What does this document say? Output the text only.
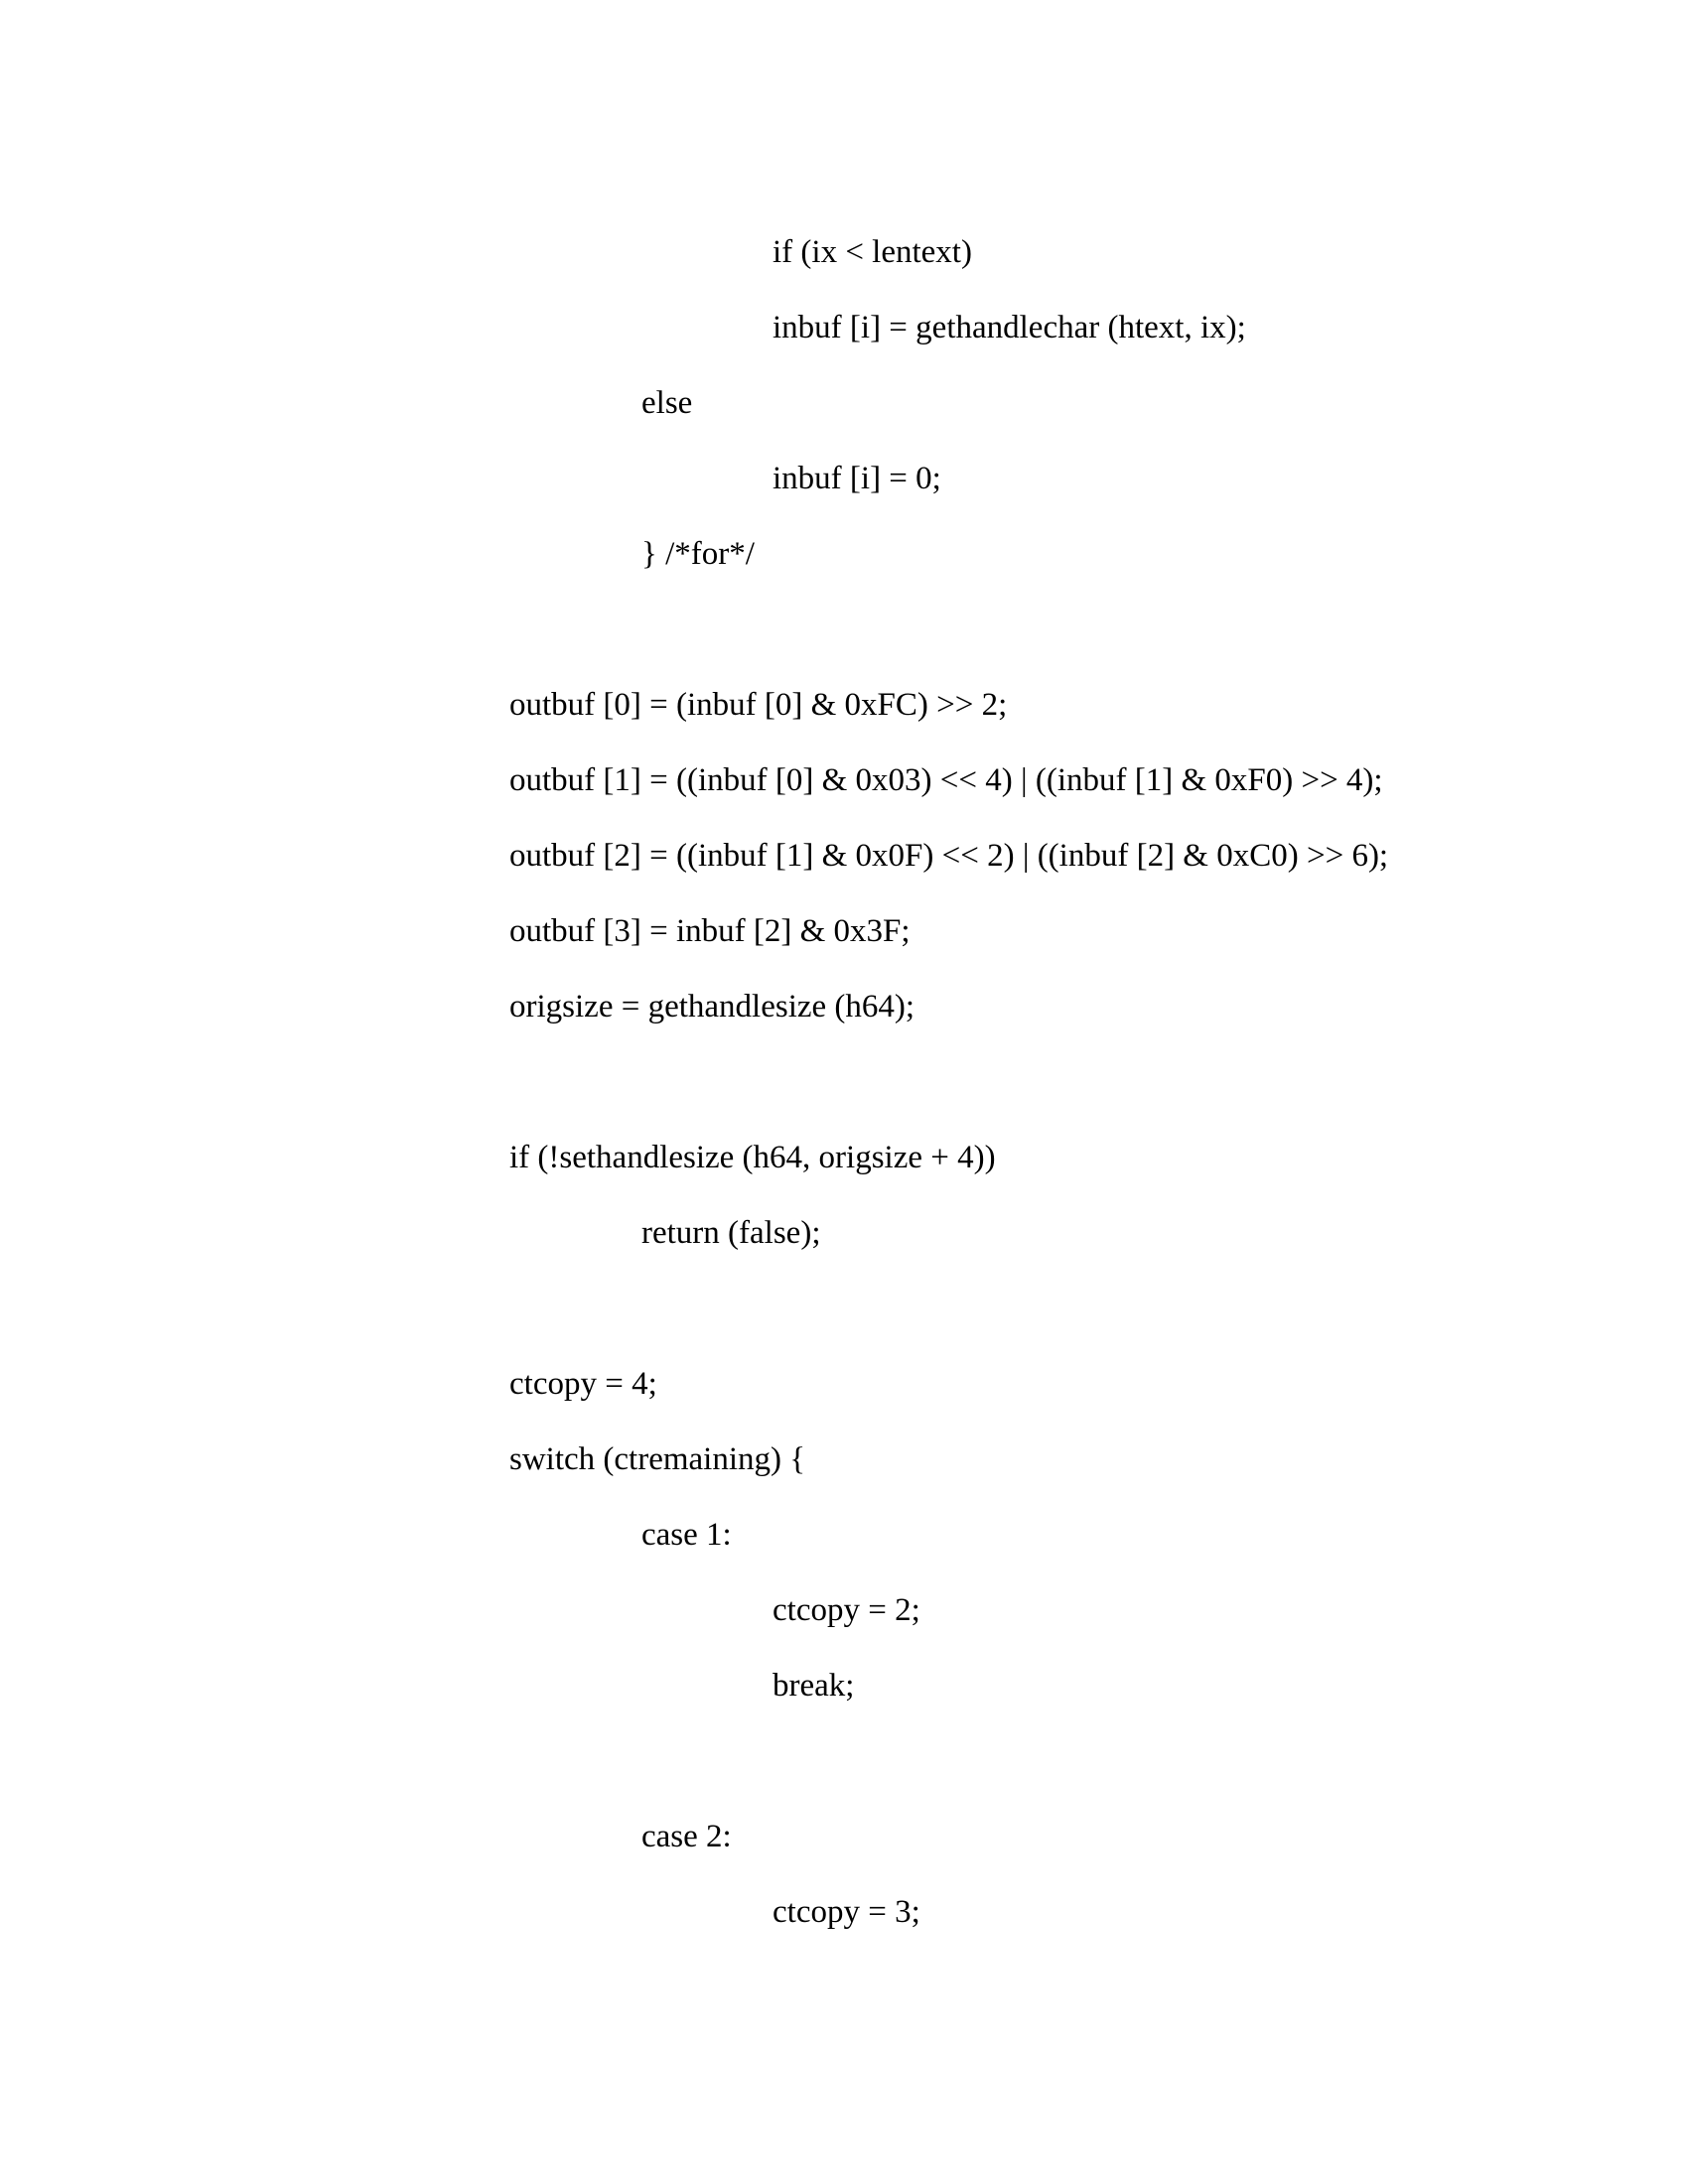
if (ix < lentext)

inbuf [i] = gethandlechar (htext, ix);

else

inbuf [i] = 0;

} /*for*/

outbuf [0] = (inbuf [0] & 0xFC) >> 2;

outbuf [1] = ((inbuf [0] & 0x03) << 4) | ((inbuf [1] & 0xF0) >> 4);

outbuf [2] = ((inbuf [1] & 0x0F) << 2) | ((inbuf [2] & 0xC0) >> 6);

outbuf [3] = inbuf [2] & 0x3F;

origsize = gethandlesize (h64);

if (!sethandlesize (h64, origsize + 4))

return (false);

ctcopy = 4;

switch (ctremaining) {

case 1:

ctcopy = 2;

break;

case 2:

ctcopy = 3;
